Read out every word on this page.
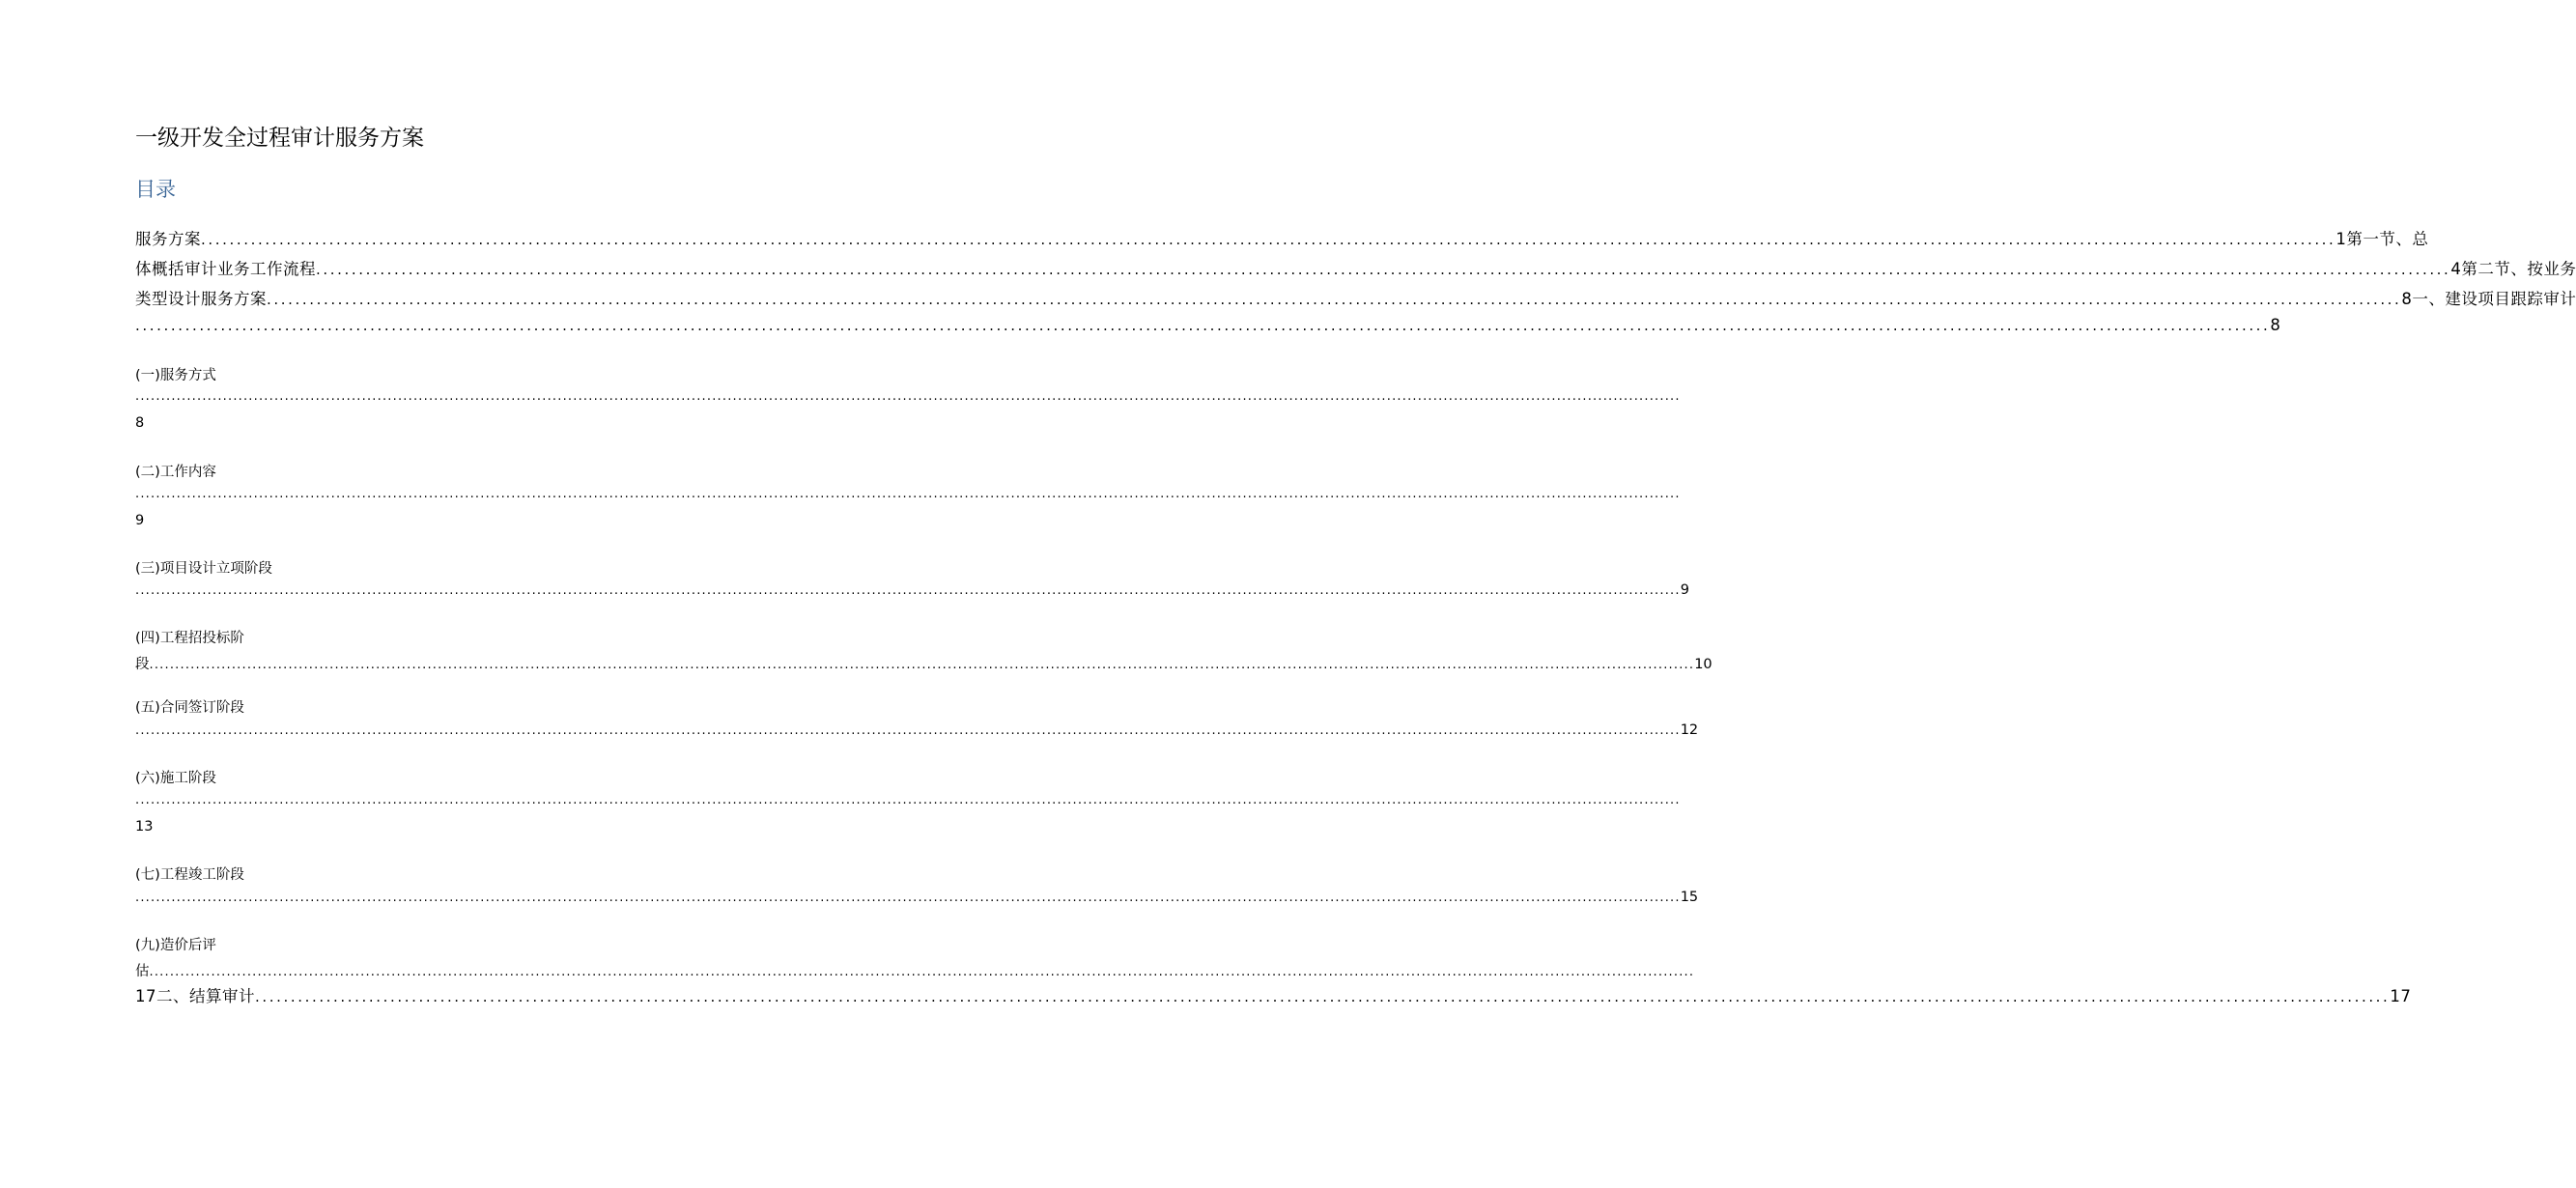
一级开发全过程审计服务方案
目录
服务方案 ............................................................................................................................................................................................................................................................................................................ 1 第一节、总
体概括审计业务工作流程 ............................................................................................................................................................................................................................................................................................................ 4 第二节、按业务
类型设计服务方案 ............................................................................................................................................................................................................................................................................................................ 8 一、建设项目跟踪审计
............................................................................................................................................................................................................................................................................................................ 8
(一)服务方式
............................................................................................................................................................................................................................................................................................................
8
(二)工作内容
............................................................................................................................................................................................................................................................................................................
9
(三)项目设计立项阶段
............................................................................................................................................................................................................................................................................................................ 9
(四)工程招投标阶
段 ............................................................................................................................................................................................................................................................................................................ 10
(五)合同签订阶段
............................................................................................................................................................................................................................................................................................................ 12
(六)施工阶段
............................................................................................................................................................................................................................................................................................................
13
(七)工程竣工阶段
............................................................................................................................................................................................................................................................................................................ 15
(九)造价后评
估 ............................................................................................................................................................................................................................................................................................................
17 二、结算审计 ............................................................................................................................................................................................................................................................................................................ 17
